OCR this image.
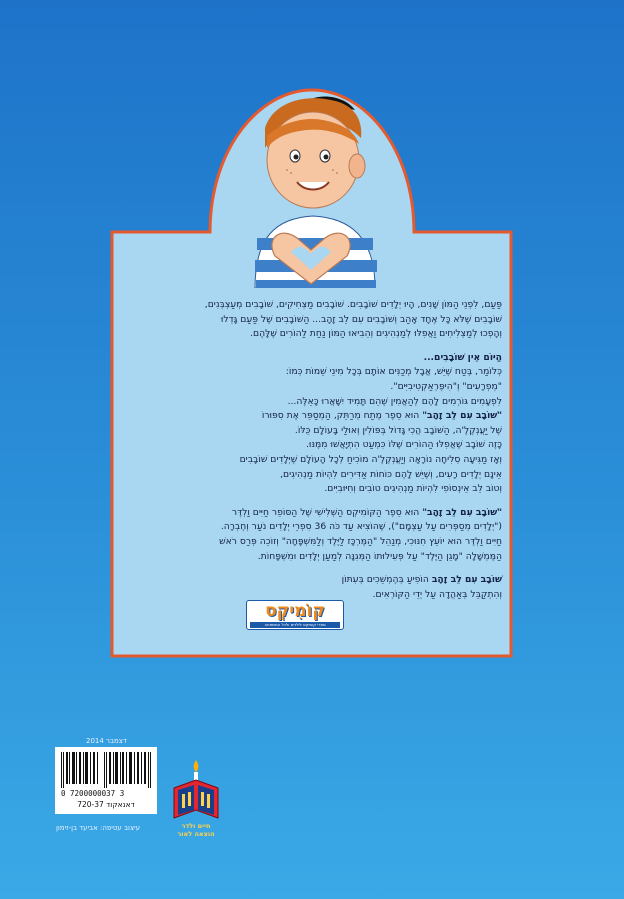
פַּעַם, לִפְנֵי הַמּוֹן שָׁנִים, הָיוּ יְלָדִים שׁוֹבָבִים. שׁוֹבָבִים מַצְחִיקִים, שׁוֹבָבִים מְעַצְבְּנִים,

שׁוֹבָבִים שֶׁלֹּא כָּל אֶחָד אָהַב וְשׁוֹבָבִים עִם לֵב זָהָב... הַשּׁוֹבָבִים שֶׁל פַּעַם גָּדְלוּ

וְהָפְכוּ לְמַצְלִיחִים וַאֲפִלּוּ לְמַנְהִיגִים וְהֵבִיאוּ הַמּוֹן נַחַת לַהוֹרִים שֶׁלָּהֶם.

הַיּוֹם אֵין שׁוֹבָבִים...

כְּלוֹמַר, בֶּטַח שֶׁיֵּשׁ, אֲבָל מְכַנִּים אוֹתָם בְּכָל מִינֵי שֵׁמוֹת כְּמוֹ:

"מְפְרָעִים" וְ"הִיפֶּרְאַקְטִיבִיִּים".

לִפְעָמִים גּוֹרְמִים לָהֶם לְהַאֲמִין שֶׁהֵם תָּמִיד יִשָּׁאֲרוּ כָּאֵלֶּה...

"שׁוֹבָב עִם לֵב זָהָב" הוּא סֵפֶר מֶתַח מְרַתֵּק, הַמְסַפֵּר אֶת סִפּוּרוֹ

שֶׁל יַעֲנְקֶלֶ'ה, הַשּׁוֹבָב הֲכִי גָּדוֹל בְּפּוֹלִין וְאוּלַי בָּעוֹלָם כֻּלּוֹ.

כָּזֶה שׁוֹבָב שֶׁאֲפִלּוּ הַהוֹרִים שֶׁלּוֹ כִּמְעַט הִתְיָאֲשׁוּ מִמֶּנּוּ.

וְאָז מַגִּיעָה סְלִיחָה נוֹרָאָה וְיַעֲנְקֶלֶ'ה מוֹכִיחַ לְכָל הָעוֹלָם שֶׁיְּלָדִים שׁוֹבָבִים

אֵינָם יְלָדִים רָעִים, וְשֶׁיֵּשׁ לָהֶם כּוֹחוֹת אַדִּירִים לִהְיוֹת מַנְהִיגִים,

וְטוֹב לֵב אֵינְסוֹפִי לִהְיוֹת מַנְהִיגִים טוֹבִים וְחִיּוּבִיִּים.

"שׁוֹבָב עִם לֵב זָהָב" הוּא סֵפֶר הַקּוֹמִיקְס הַשְּׁלִישִׁי שֶׁל הַסּוֹפֵר חַיִּים וַלְדֶּר

("יְלָדִים מְסַפְּרִים עַל עַצְמָם"), שֶׁהוֹצִיא עַד כֹּה 36 סִפְרֵי יְלָדִים נֹעַר וְחֶבְרָה.

חַיִּים וַלְדֶּר הוּא יוֹעֵץ חִנּוּכִי, מְנַהֵל "הַמֶּרְכָּז לַיֶּלֶד וְלַמִּשְׁפָּחָה" וְזוֹכֵה פְּרַס רֹאשׁ

הַמֶּמְשָׁלָה "מָגֵן הַיֶּלֶד" עַל פְּעִילוּתוֹ הַמְּגִנָּה לְמַעַן יְלָדִים וּמִשְׁפָּחוֹת.

שׁוֹבָב עִם לֵב זָהָב הוֹפִיעַ בְּהֶמְשֵׁכִים בְּעִתּוֹן

וְהִתְקַבֵּל בְּאַהֲדָה עַל יְדֵי הַקּוֹרְאִים.

קוֹמִיקְס
ספרי קומיקס לילדים ולכל המשפחה
דצמבר 2014
0 7200000037 3
דאנאקוד 720-37
עיצוב עטיפה: אביעד בן-זימון	חיים ולדר
הוצאה לאור
